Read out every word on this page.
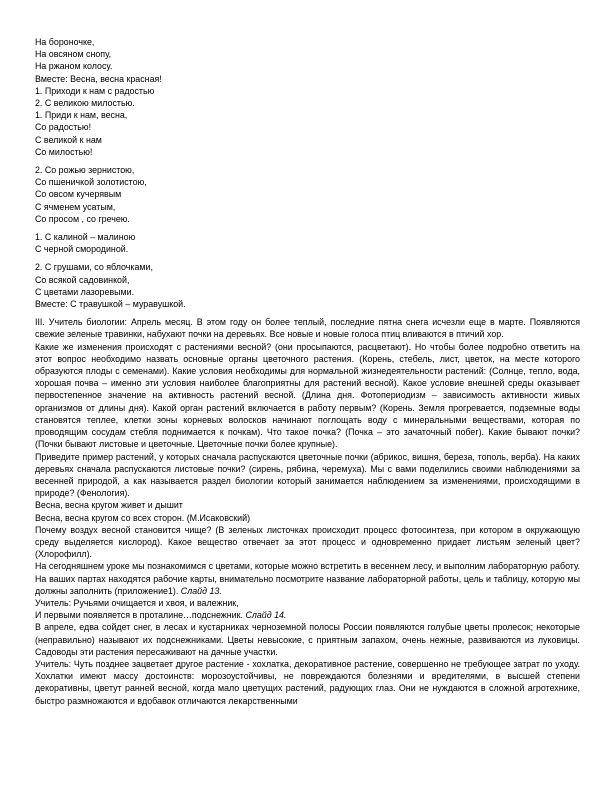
На бороночке,
На овсяном снопу,
На ржаном колосу.
Вместе: Весна, весна красная!
1. Приходи к нам с радостью
2. С великою милостью.
1. Приди к нам, весна,
Со радостью!
С великой к нам
Со милостью!
2. Со рожью зернистою,
Со пшеничкой золотистою,
Со овсом кучерявым
С ячменем усатым,
Со просом , со гречею.
1. С калиной – малиною
С черной смородиной.
2. С грушами, со яблочками,
Со всякой садовинкой,
С цветами лазоревыми.
Вместе: С травушкой – муравушкой.
III. Учитель биологии: Апрель месяц. В этом году он более теплый, последние пятна снега исчезли еще в марте. Появляются свежие зеленые травинки, набухают почки на деревьях. Все новые и новые голоса птиц вливаются в птичий хор.
Какие же изменения происходят с растениями весной? (они просыпаются, расцветают). Но чтобы более подробно ответить на этот вопрос необходимо назвать основные органы цветочного растения. (Корень, стебель, лист, цветок, на месте которого образуются плоды с семенами). Какие условия необходимы для нормальной жизнедеятельности растений: (Солнце, тепло, вода, хорошая почва – именно эти условия наиболее благоприятны для растений весной). Какое условие внешней среды оказывает первостепенное значение на активность растений весной. (Длина дня. Фотопериодизм – зависимость активности живых организмов от длины дня). Какой орган растений включается в работу первым? (Корень. Земля прогревается, подземные воды становятся теплее, клетки зоны корневых волосков начинают поглощать воду с минеральными веществами, которая по проводящим сосудам стебля поднимается к почкам). Что такое почка? (Почка – это зачаточный побег). Какие бывают почки? (Почки бывают листовые и цветочные. Цветочные почки более крупные).
Приведите пример растений, у которых сначала распускаются цветочные почки (абрикос, вишня, береза, тополь, верба). На каких деревьях сначала распускаются листовые почки? (сирень, рябина, черемуха). Мы с вами поделились своими наблюдениями за весенней природой, а как называется раздел биологии который занимается наблюдением за изменениями, происходящими в природе? (Фенология).
Весна, весна кругом живет и дышит
Весна, весна кругом со всех сторон. (М.Исаковский)
Почему воздух весной становится чище? (В зеленых листочках происходит процесс фотосинтеза, при котором в окружающую среду выделяется кислород). Какое вещество отвечает за этот процесс и одновременно придает листьям зеленый цвет? (Хлорофилл).
На сегодняшнем уроке мы познакомимся с цветами, которые можно встретить в весеннем лесу, и выполним лабораторную работу. На ваших партах находятся рабочие карты, внимательно посмотрите название лабораторной работы, цель и таблицу, которую мы должны заполнить (приложение1). Слайд 13.
Учитель: Ручьями очищается и хвоя, и валежник,
И первыми появляется в проталине…подснежник. Слайд 14.
В апреле, едва сойдет снег, в лесах и кустарниках черноземной полосы России появляются голубые цветы пролесок; некоторые (неправильно) называют их подснежниками. Цветы невысокие, с приятным запахом, очень нежные, развиваются из луковицы. Садоводы эти растения пересаживают на дачные участки.
Учитель: Чуть позднее зацветает другое растение - хохлатка, декоративное растение, совершенно не требующее затрат по уходу. Хохлатки имеют массу достоинств: морозоустойчивы, не повреждаются болезнями и вредителями, в высшей степени декоративны, цветут ранней весной, когда мало цветущих растений, радующих глаз. Они не нуждаются в сложной агротехнике, быстро размножаются и вдобавок отличаются лекарственными
